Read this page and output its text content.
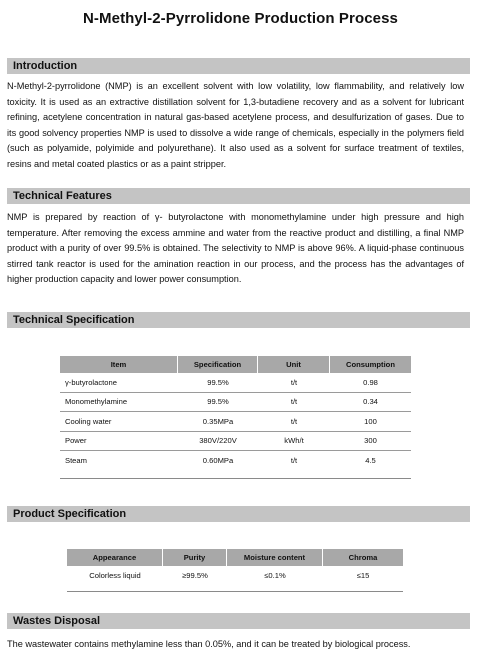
N-Methyl-2-Pyrrolidone Production Process
Introduction

N-Methyl-2-pyrrolidone (NMP) is an excellent solvent with low volatility, low flammability, and relatively low toxicity. It is used as an extractive distillation solvent for 1,3-butadiene recovery and as a solvent for lubricant refining, acetylene concentration in natural gas-based acetylene process, and desulfurization of gases. Due to its good solvency properties NMP is used to dissolve a wide range of chemicals, especially in the polymers field (such as polyamide, polyimide and polyurethane). It also used as a solvent for surface treatment of textiles, resins and metal coated plastics or as a paint stripper.

Technical Features

NMP is prepared by reaction of γ- butyrolactone with monomethylamine under high pressure and high temperature. After removing the excess ammine and water from the reactive product and distilling, a final NMP product with a purity of over 99.5% is obtained. The selectivity to NMP is above 96%. A liquid-phase continuous stirred tank reactor is used for the amination reaction in our process, and the process has the advantages of higher production capacity and lower power consumption.

Technical Specification
Item	Specification	Unit	Consumption
γ-butyrolactone	99.5%	t/t	0.98
Monomethylamine	99.5%	t/t	0.34
Cooling water	0.35MPa	t/t	100
Power	380V/220V	kWh/t	300
Steam	0.60MPa	t/t	4.5
Product Specification
Appearance	Purity	Moisture content	Chroma
Colorless liquid	≥99.5%	≤0.1%	≤15
Wastes Disposal

The wastewater contains methylamine less than 0.05%, and it can be treated by biological process.
